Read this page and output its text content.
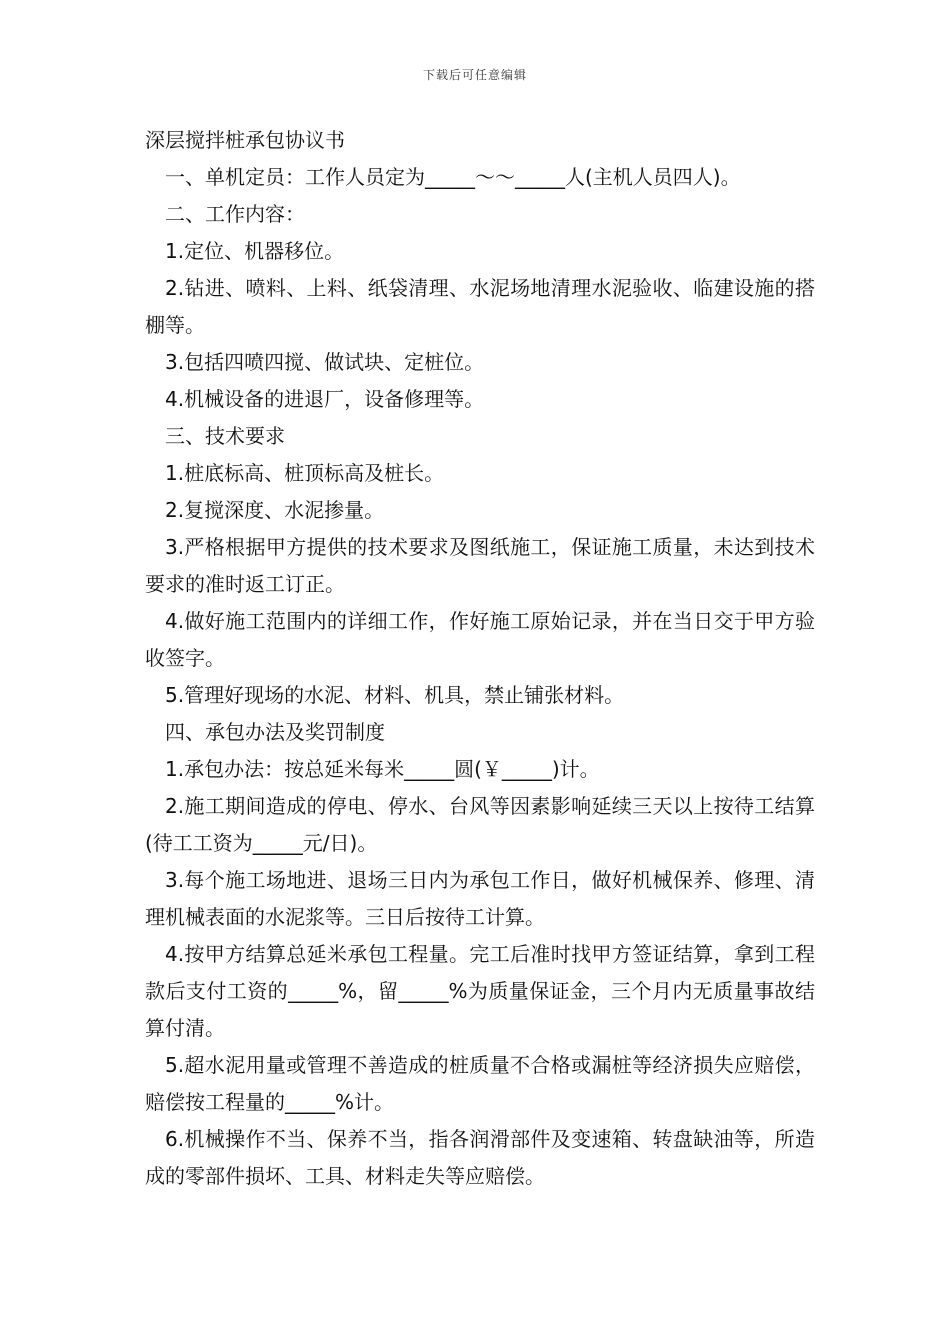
下载后可任意编辑

深层搅拌桩承包协议书

一、单机定员：工作人员定为_____～～_____人(主机人员四人)。

二、工作内容：

1.定位、机器移位。

2.钻进、喷料、上料、纸袋清理、水泥场地清理水泥验收、临建设施的搭棚等。

3.包括四喷四搅、做试块、定桩位。

4.机械设备的进退厂，设备修理等。

三、技术要求

1.桩底标高、桩顶标高及桩长。

2.复搅深度、水泥掺量。

3.严格根据甲方提供的技术要求及图纸施工，保证施工质量，未达到技术要求的准时返工订正。

4.做好施工范围内的详细工作，作好施工原始记录，并在当日交于甲方验收签字。

5.管理好现场的水泥、材料、机具，禁止铺张材料。

四、承包办法及奖罚制度

1.承包办法：按总延米每米_____圆(￥_____)计。

2.施工期间造成的停电、停水、台风等因素影响延续三天以上按待工结算(待工工资为_____元/日)。

3.每个施工场地进、退场三日内为承包工作日，做好机械保养、修理、清理机械表面的水泥浆等。三日后按待工计算。

4.按甲方结算总延米承包工程量。完工后准时找甲方签证结算，拿到工程款后支付工资的_____%，留_____%为质量保证金，三个月内无质量事故结算付清。

5.超水泥用量或管理不善造成的桩质量不合格或漏桩等经济损失应赔偿，赔偿按工程量的_____%计。

6.机械操作不当、保养不当，指各润滑部件及变速箱、转盘缺油等，所造成的零部件损坏、工具、材料走失等应赔偿。
